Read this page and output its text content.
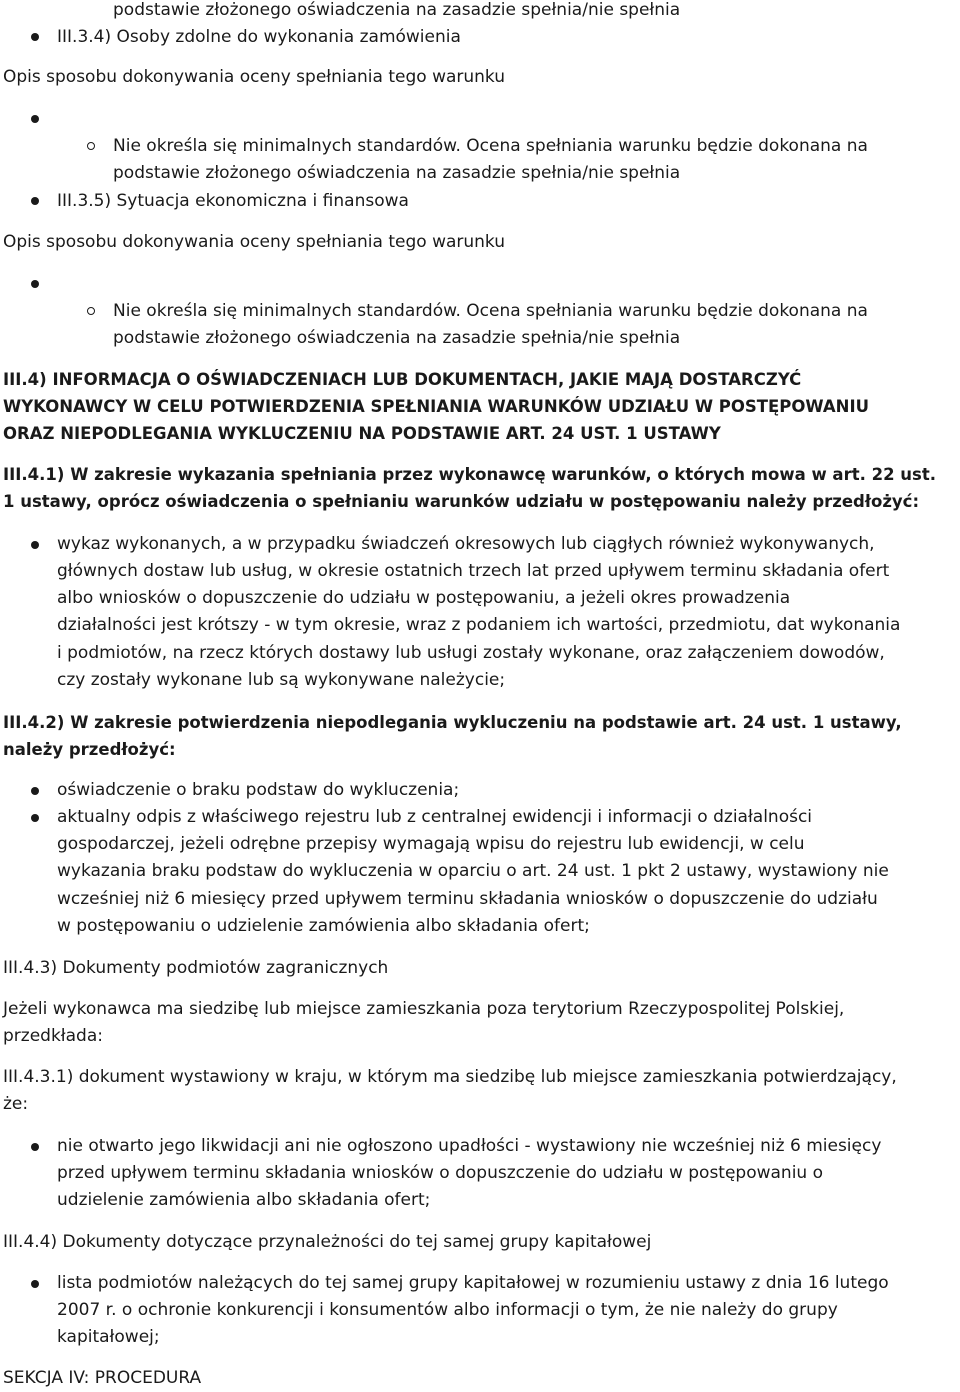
podstawie złożonego oświadczenia na zasadzie spełnia/nie spełnia
III.3.4) Osoby zdolne do wykonania zamówienia
Opis sposobu dokonywania oceny spełniania tego warunku
Nie określa się minimalnych standardów. Ocena spełniania warunku będzie dokonana na
podstawie złożonego oświadczenia na zasadzie spełnia/nie spełnia
III.3.5) Sytuacja ekonomiczna i finansowa
Opis sposobu dokonywania oceny spełniania tego warunku
Nie określa się minimalnych standardów. Ocena spełniania warunku będzie dokonana na
podstawie złożonego oświadczenia na zasadzie spełnia/nie spełnia
III.4) INFORMACJA O OŚWIADCZENIACH LUB DOKUMENTACH, JAKIE MAJĄ DOSTARCZYĆ
WYKONAWCY W CELU POTWIERDZENIA SPEŁNIANIA WARUNKÓW UDZIAŁU W POSTĘPOWANIU
ORAZ NIEPODLEGANIA WYKLUCZENIU NA PODSTAWIE ART. 24 UST. 1 USTAWY
III.4.1) W zakresie wykazania spełniania przez wykonawcę warunków, o których mowa w art. 22 ust.
1 ustawy, oprócz oświadczenia o spełnianiu warunków udziału w postępowaniu należy przedłożyć:
wykaz wykonanych, a w przypadku świadczeń okresowych lub ciągłych również wykonywanych,
głównych dostaw lub usług, w okresie ostatnich trzech lat przed upływem terminu składania ofert
albo wniosków o dopuszczenie do udziału w postępowaniu, a jeżeli okres prowadzenia
działalności jest krótszy - w tym okresie, wraz z podaniem ich wartości, przedmiotu, dat wykonania
i podmiotów, na rzecz których dostawy lub usługi zostały wykonane, oraz załączeniem dowodów,
czy zostały wykonane lub są wykonywane należycie;
III.4.2) W zakresie potwierdzenia niepodlegania wykluczeniu na podstawie art. 24 ust. 1 ustawy,
należy przedłożyć:
oświadczenie o braku podstaw do wykluczenia;
aktualny odpis z właściwego rejestru lub z centralnej ewidencji i informacji o działalności
gospodarczej, jeżeli odrębne przepisy wymagają wpisu do rejestru lub ewidencji, w celu
wykazania braku podstaw do wykluczenia w oparciu o art. 24 ust. 1 pkt 2 ustawy, wystawiony nie
wcześniej niż 6 miesięcy przed upływem terminu składania wniosków o dopuszczenie do udziału
w postępowaniu o udzielenie zamówienia albo składania ofert;
III.4.3) Dokumenty podmiotów zagranicznych
Jeżeli wykonawca ma siedzibę lub miejsce zamieszkania poza terytorium Rzeczypospolitej Polskiej,
przedkłada:
III.4.3.1) dokument wystawiony w kraju, w którym ma siedzibę lub miejsce zamieszkania potwierdzający,
że:
nie otwarto jego likwidacji ani nie ogłoszono upadłości - wystawiony nie wcześniej niż 6 miesięcy
przed upływem terminu składania wniosków o dopuszczenie do udziału w postępowaniu o
udzielenie zamówienia albo składania ofert;
III.4.4) Dokumenty dotyczące przynależności do tej samej grupy kapitałowej
lista podmiotów należących do tej samej grupy kapitałowej w rozumieniu ustawy z dnia 16 lutego
2007 r. o ochronie konkurencji i konsumentów albo informacji o tym, że nie należy do grupy
kapitałowej;
SEKCJA IV: PROCEDURA
